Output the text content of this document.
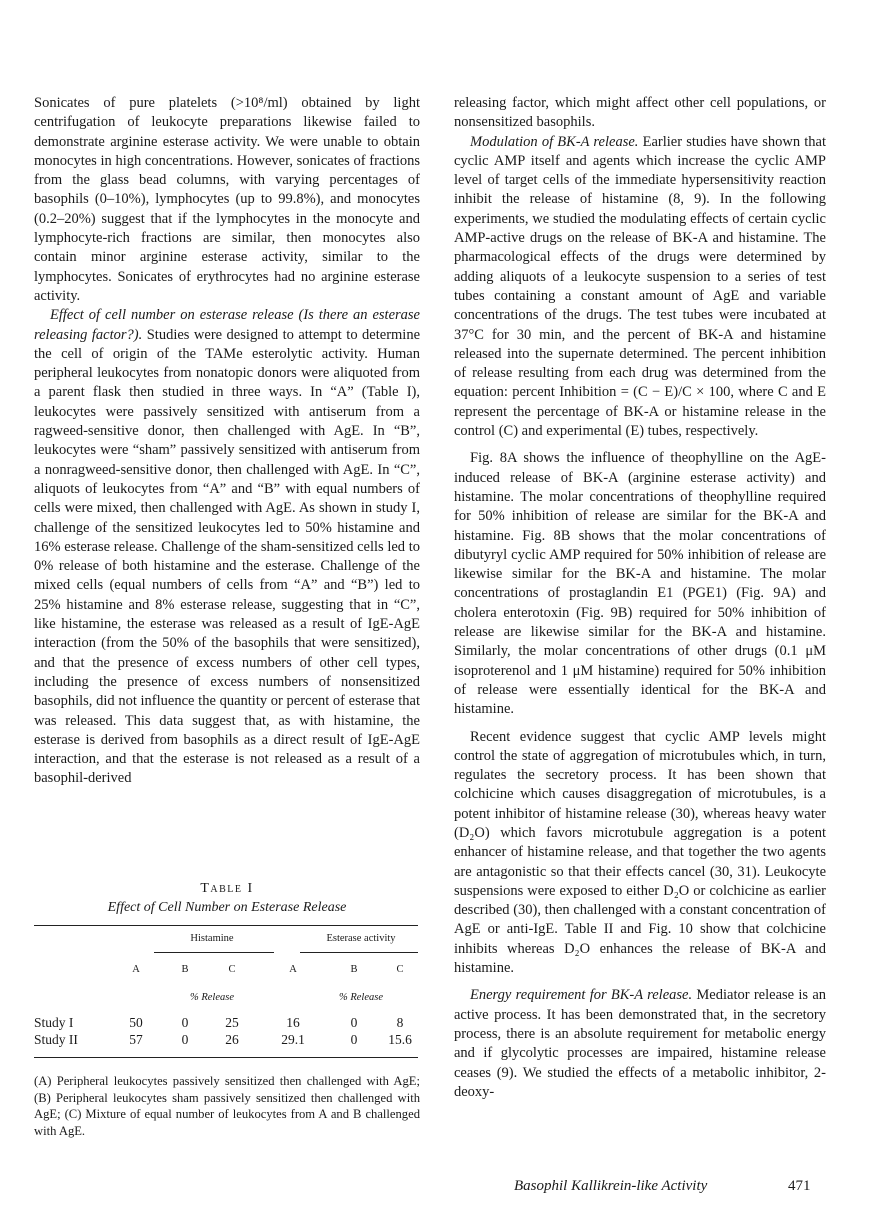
Sonicates of pure platelets (>10⁸/ml) obtained by light centrifugation of leukocyte preparations likewise failed to demonstrate arginine esterase activity. We were unable to obtain monocytes in high concentrations. However, sonicates of fractions from the glass bead columns, with varying percentages of basophils (0–10%), lymphocytes (up to 99.8%), and monocytes (0.2–20%) suggest that if the lymphocytes in the monocyte and lymphocyte-rich fractions are similar, then monocytes also contain minor arginine esterase activity, similar to the lymphocytes. Sonicates of erythrocytes had no arginine esterase activity.

Effect of cell number on esterase release (Is there an esterase releasing factor?). Studies were designed to attempt to determine the cell of origin of the TAMe esterolytic activity. Human peripheral leukocytes from nonatopic donors were aliquoted from a parent flask then studied in three ways. In “A” (Table I), leukocytes were passively sensitized with antiserum from a ragweed-sensitive donor, then challenged with AgE. In “B”, leukocytes were “sham” passively sensitized with antiserum from a nonragweed-sensitive donor, then challenged with AgE. In “C”, aliquots of leukocytes from “A” and “B” with equal numbers of cells were mixed, then challenged with AgE. As shown in study I, challenge of the sensitized leukocytes led to 50% histamine and 16% esterase release. Challenge of the sham-sensitized cells led to 0% release of both histamine and the esterase. Challenge of the mixed cells (equal numbers of cells from “A” and “B”) led to 25% histamine and 8% esterase release, suggesting that in “C”, like histamine, the esterase was released as a result of IgE-AgE interaction (from the 50% of the basophils that were sensitized), and that the presence of excess numbers of other cell types, including the presence of excess numbers of nonsensitized basophils, did not influence the quantity or percent of esterase that was released. This data suggest that, as with histamine, the esterase is derived from basophils as a direct result of IgE-AgE interaction, and that the esterase is not released as a result of a basophil-derived

releasing factor, which might affect other cell populations, or nonsensitized basophils.

Modulation of BK-A release. Earlier studies have shown that cyclic AMP itself and agents which increase the cyclic AMP level of target cells of the immediate hypersensitivity reaction inhibit the release of histamine (8, 9). In the following experiments, we studied the modulating effects of certain cyclic AMP-active drugs on the release of BK-A and histamine. The pharmacological effects of the drugs were determined by adding aliquots of a leukocyte suspension to a series of test tubes containing a constant amount of AgE and variable concentrations of the drugs. The test tubes were incubated at 37°C for 30 min, and the percent of BK-A and histamine released into the supernate determined. The percent inhibition of release resulting from each drug was determined from the equation: percent Inhibition = (C − E)/C × 100, where C and E represent the percentage of BK-A or histamine release in the control (C) and experimental (E) tubes, respectively.

Fig. 8A shows the influence of theophylline on the AgE-induced release of BK-A (arginine esterase activity) and histamine. The molar concentrations of theophylline required for 50% inhibition of release are similar for the BK-A and histamine. Fig. 8B shows that the molar concentrations of dibutyryl cyclic AMP required for 50% inhibition of release are likewise similar for the BK-A and histamine. The molar concentrations of prostaglandin E1 (PGE1) (Fig. 9A) and cholera enterotoxin (Fig. 9B) required for 50% inhibition of release are likewise similar for the BK-A and histamine. Similarly, the molar concentrations of other drugs (0.1 μM isoproterenol and 1 μM histamine) required for 50% inhibition of release were essentially identical for the BK-A and histamine.

Recent evidence suggest that cyclic AMP levels might control the state of aggregation of microtubules which, in turn, regulates the secretory process. It has been shown that colchicine which causes disaggregation of microtubules, is a potent inhibitor of histamine release (30), whereas heavy water (D₂O) which favors microtubule aggregation is a potent enhancer of histamine release, and that together the two agents are antagonistic so that their effects cancel (30, 31). Leukocyte suspensions were exposed to either D₂O or colchicine as earlier described (30), then challenged with a constant concentration of AgE or anti-IgE. Table II and Fig. 10 show that colchicine inhibits whereas D₂O enhances the release of BK-A and histamine.

Energy requirement for BK-A release. Mediator release is an active process. It has been demonstrated that, in the secretory process, there is an absolute requirement for metabolic energy and if glycolytic processes are impaired, histamine release ceases (9). We studied the effects of a metabolic inhibitor, 2-deoxy-

Table I
Effect of Cell Number on Esterase Release
Histamine	Esterase activity
A	B	C	A	B	C
% Release	% Release
Study I	50	0	25	16	0	8
Study II	57	0	26	29.1	0	15.6
(A) Peripheral leukocytes passively sensitized then challenged with AgE; (B) Peripheral leukocytes sham passively sensitized then challenged with AgE; (C) Mixture of equal number of leukocytes from A and B challenged with AgE.
Basophil Kallikrein-like Activity	471
